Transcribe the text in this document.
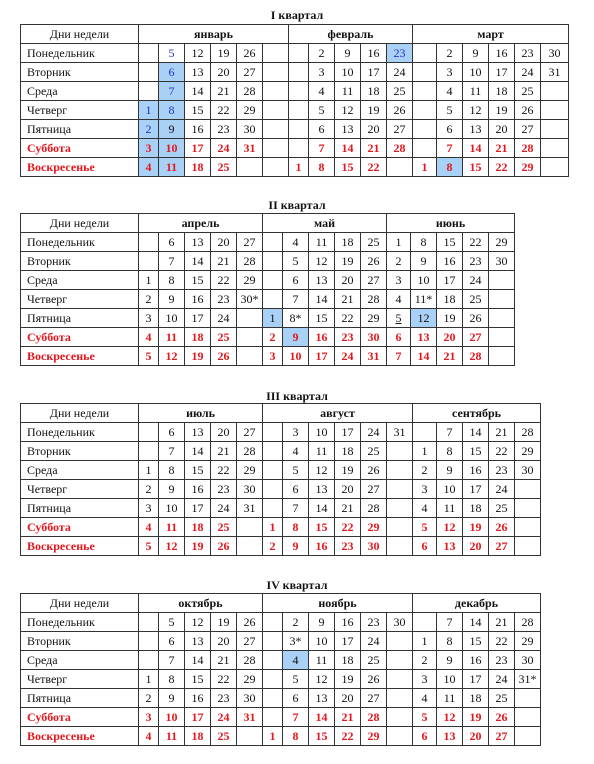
I квартал
Дни недели	январь						февраль					март					
Понедельник		5	12	19	26			2	9	16	23		2	9	16	23	30
Вторник		6	13	20	27			3	10	17	24		3	10	17	24	31
Среда		7	14	21	28			4	11	18	25		4	11	18	25	
Четверг	1	8	15	22	29			5	12	19	26		5	12	19	26	
Пятница	2	9	16	23	30			6	13	20	27		6	13	20	27	
Суббота	3	10	17	24	31			7	14	21	28		7	14	21	28	
Воскресенье	4	11	18	25			1	8	15	22		1	8	15	22	29	
II квартал
Дни недели	апрель					май					июнь				
Понедельник		6	13	20	27		4	11	18	25	1	8	15	22	29
Вторник		7	14	21	28		5	12	19	26	2	9	16	23	30
Среда	1	8	15	22	29		6	13	20	27	3	10	17	24	
Четверг	2	9	16	23	30*		7	14	21	28	4	11*	18	25	
Пятница	3	10	17	24		1	8*	15	22	29	5	12	19	26	
Суббота	4	11	18	25		2	9	16	23	30	6	13	20	27	
Воскресенье	5	12	19	26		3	10	17	24	31	7	14	21	28	
III квартал
Дни недели	июль					август						сентябрь				
Понедельник		6	13	20	27		3	10	17	24	31		7	14	21	28
Вторник		7	14	21	28		4	11	18	25		1	8	15	22	29
Среда	1	8	15	22	29		5	12	19	26		2	9	16	23	30
Четверг	2	9	16	23	30		6	13	20	27		3	10	17	24	
Пятница	3	10	17	24	31		7	14	21	28		4	11	18	25	
Суббота	4	11	18	25		1	8	15	22	29		5	12	19	26	
Воскресенье	5	12	19	26		2	9	16	23	30		6	13	20	27	
IV квартал
Дни недели	октябрь					ноябрь						декабрь				
Понедельник		5	12	19	26		2	9	16	23	30		7	14	21	28
Вторник		6	13	20	27		3*	10	17	24		1	8	15	22	29
Среда		7	14	21	28		4	11	18	25		2	9	16	23	30
Четверг	1	8	15	22	29		5	12	19	26		3	10	17	24	31*
Пятница	2	9	16	23	30		6	13	20	27		4	11	18	25	
Суббота	3	10	17	24	31		7	14	21	28		5	12	19	26	
Воскресенье	4	11	18	25		1	8	15	22	29		6	13	20	27	
